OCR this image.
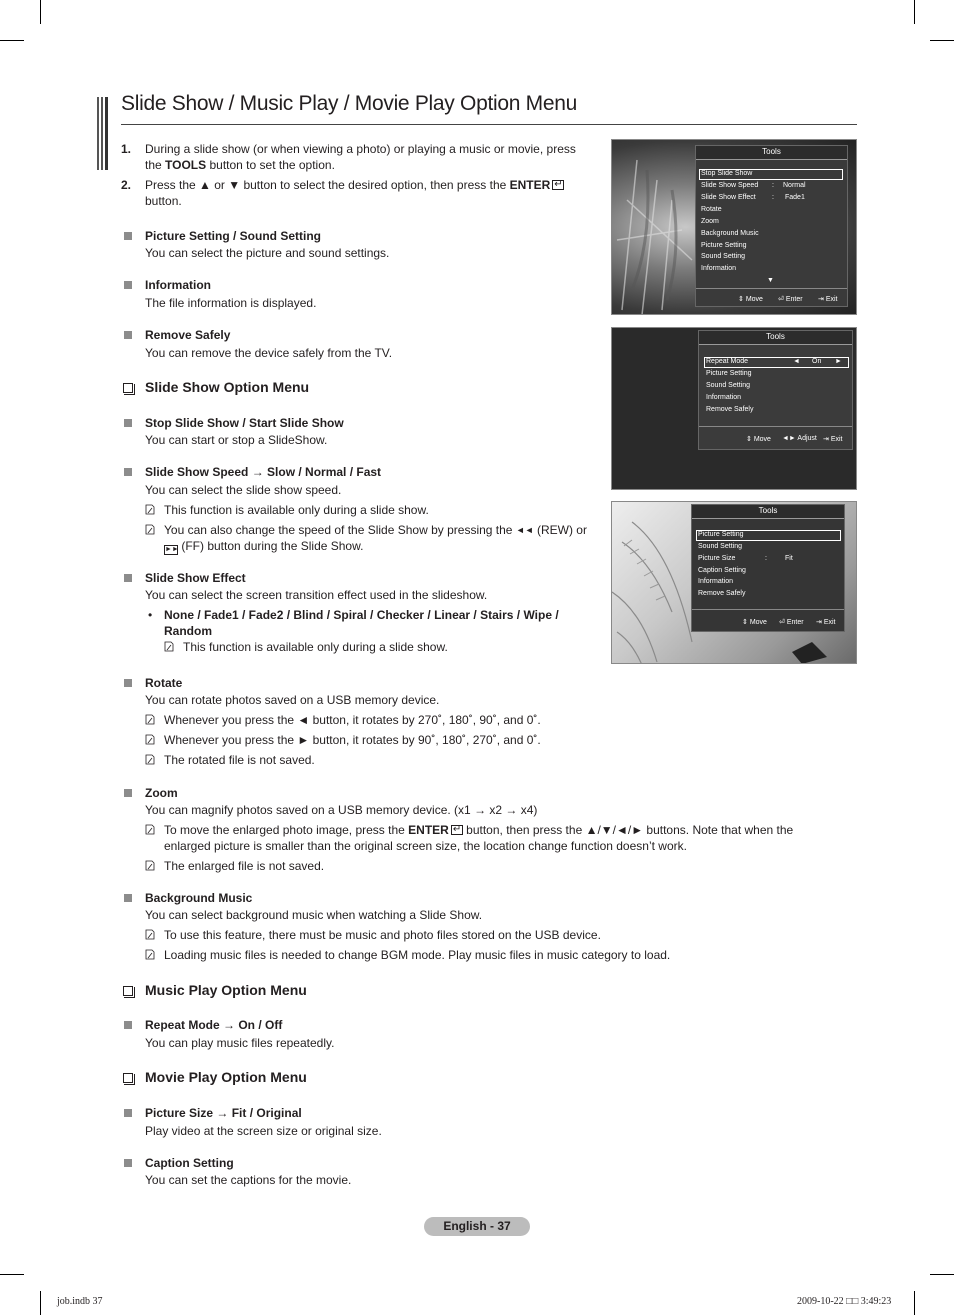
Slide Show / Music Play / Movie Play Option Menu
1. During a slide show (or when viewing a photo) or playing a music or movie, press the TOOLS button to set the option.
2. Press the ▲ or ▼ button to select the desired option, then press the ENTER↵
button.
Picture Setting / Sound Setting
You can select the picture and sound settings.
Information
The file information is displayed.
Remove Safely
You can remove the device safely from the TV.
Slide Show Option Menu
Stop Slide Show / Start Slide Show
You can start or stop a SlideShow.
Slide Show Speed → Slow / Normal / Fast
You can select the slide show speed.
This function is available only during a slide show.
You can also change the speed of the Slide Show by pressing the ◄◄ (REW) or
►► (FF) button during the Slide Show.
Slide Show Effect
You can select the screen transition effect used in the slideshow.
• None / Fade1 / Fade2 / Blind / Spiral / Checker / Linear / Stairs / Wipe /
Random
This function is available only during a slide show.
Rotate
You can rotate photos saved on a USB memory device.
Whenever you press the ◄ button, it rotates by 270˚, 180˚, 90˚, and 0˚.
Whenever you press the ► button, it rotates by 90˚, 180˚, 270˚, and 0˚.
The rotated file is not saved.
Zoom
You can magnify photos saved on a USB memory device. (x1 → x2 → x4)
To move the enlarged photo image, press the ENTER↵ button, then press the ▲/▼/◄/► buttons. Note that when the
enlarged picture is smaller than the original screen size, the location change function doesn’t work.
The enlarged file is not saved.
Background Music
You can select background music when watching a Slide Show.
To use this feature, there must be music and photo files stored on the USB device.
Loading music files is needed to change BGM mode. Play music files in music category to load.
Music Play Option Menu
Repeat Mode → On / Off
You can play music files repeatedly.
Movie Play Option Menu
Picture Size → Fit / Original
Play video at the screen size or original size.
Caption Setting
You can set the captions for the movie.
Tools
Stop Slide Show
Slide Show Speed : Normal
Slide Show Effect : Fade1
Rotate
Zoom
Background Music
Picture Setting
Sound Setting
Information
▼
⇕ Move ⏎ Enter ⇥ Exit
Tools
Repeat Mode	◄ On ►
Picture Setting
Sound Setting
Information
Remove Safely
⇕ Move ◄► Adjust ⇥ Exit
Tools
Picture Setting
Sound Setting
Picture Size	:	Fit
Caption Setting
Information
Remove Safely
⇕ Move ⏎ Enter ⇥ Exit
English - 37
job.indb 37	2009-10-22 □□ 3:49:23
